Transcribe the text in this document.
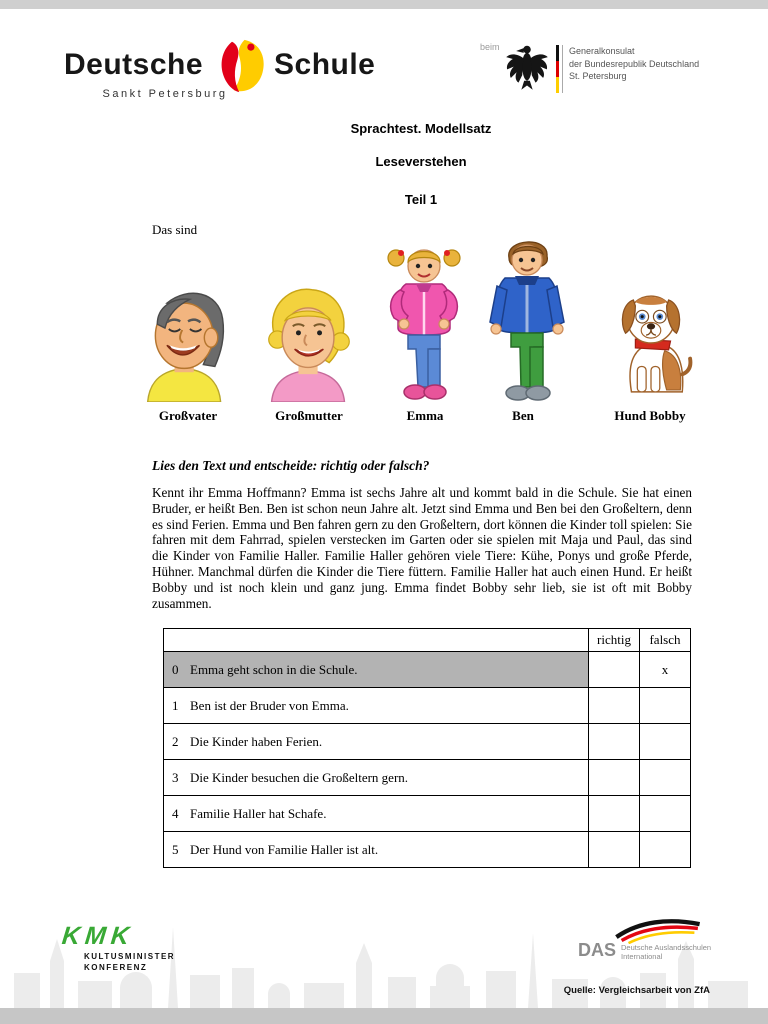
Deutsche Schule
Sankt Petersburg
beim	Generalkonsulat
der Bundesrepublik Deutschland
St. Petersburg
Sprachtest. Modellsatz
Leseverstehen
Teil 1
Das sind
Großvater	Großmutter	Emma	Ben	Hund Bobby
Lies den Text und entscheide: richtig oder falsch?
Kennt ihr Emma Hoffmann? Emma ist sechs Jahre alt und kommt bald in die Schule. Sie hat einen Bruder, er heißt Ben. Ben ist schon neun Jahre alt. Jetzt sind Emma und Ben bei den Großeltern, denn es sind Ferien. Emma und Ben fahren gern zu den Großeltern, dort können die Kinder toll spielen: Sie fahren mit dem Fahrrad, spielen verstecken im Garten oder sie spielen mit Maja und Paul, das sind die Kinder von Familie Haller. Familie Haller gehören viele Tiere: Kühe, Ponys und große Pferde, Hühner. Manchmal dürfen die Kinder die Tiere füttern. Familie Haller hat auch einen Hund. Er heißt Bobby und ist noch klein und ganz jung. Emma findet Bobby sehr lieb, sie ist oft mit Bobby zusammen.
	richtig	falsch
0 Emma geht schon in die Schule.		x
1 Ben ist der Bruder von Emma.		
2 Die Kinder haben Ferien.		
3 Die Kinder besuchen die Großeltern gern.		
4 Familie Haller hat Schafe.		
5 Der Hund von Familie Haller ist alt.		
KMK
KULTUSMINISTER
KONFERENZ
DAS Deutsche Auslandsschulen
International
Quelle: Vergleichsarbeit von ZfA
